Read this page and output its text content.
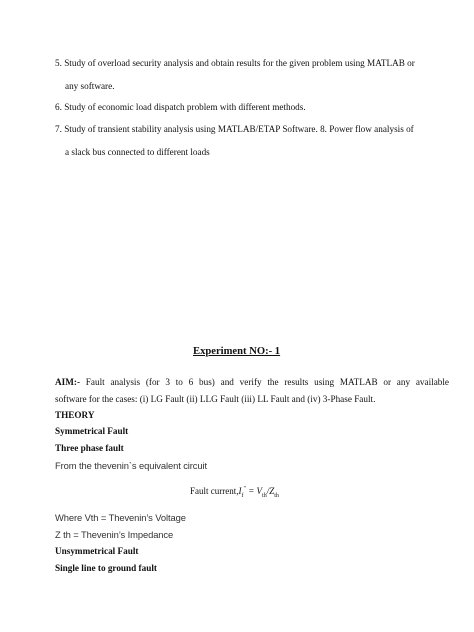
5. Study of overload security analysis and obtain results for the given problem using MATLAB or
any software.
6. Study of economic load dispatch problem with different methods.
7. Study of transient stability analysis using MATLAB/ETAP Software. 8. Power flow analysis of
a slack bus connected to different loads
Experiment NO:- 1
AIM:- Fault analysis (for 3 to 6 bus) and verify the results using MATLAB or any available
software for the cases: (i) LG Fault (ii) LLG Fault (iii) LL Fault and (iv) 3-Phase Fault.
THEORY
Symmetrical Fault
Three phase fault
From the thevenin`s equivalent circuit
Fault $current,I_f^" = V_{th}/Z_{th}$
Where Vth = Thevenin’s Voltage
Z th = Thevenin’s Impedance
Unsymmetrical Fault
Single line to ground fault
